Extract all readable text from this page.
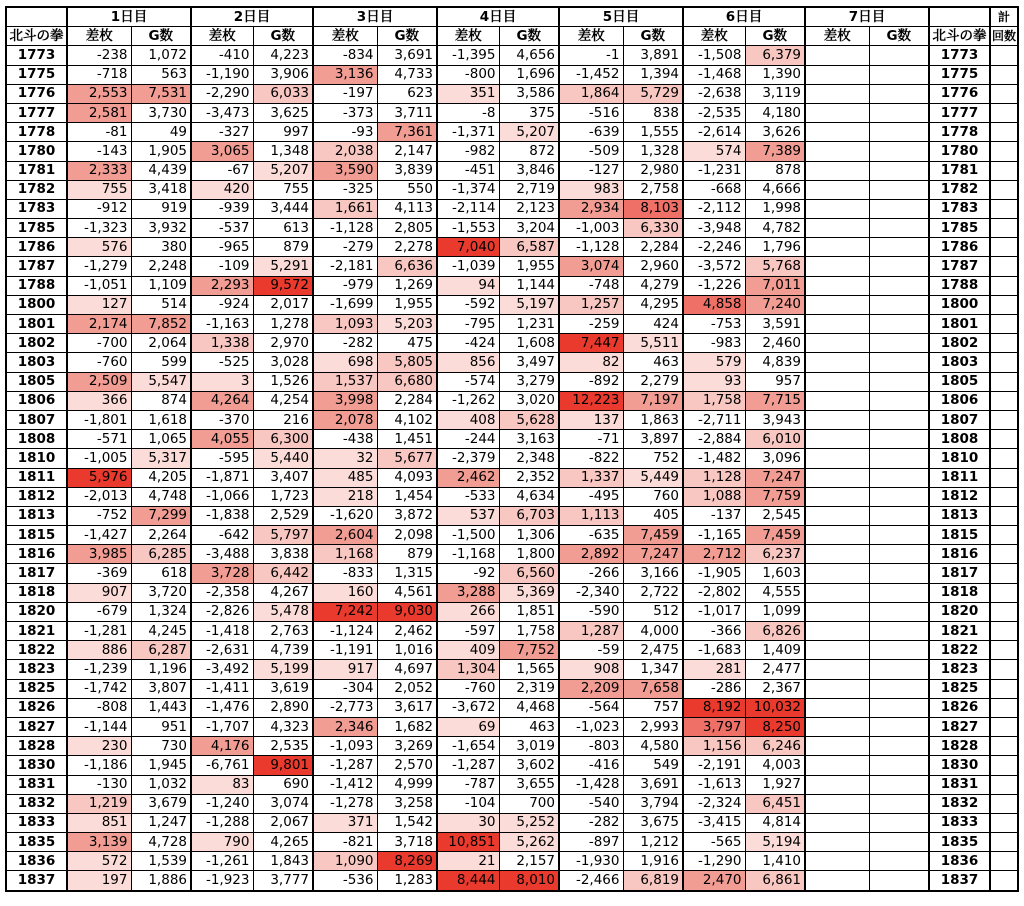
	1日目		2日目		3日目		4日目		5日目		6日目		7日目			計
北斗の拳	差枚	G数	差枚	G数	差枚	G数	差枚	G数	差枚	G数	差枚	G数	差枚	G数	北斗の拳	回数
1773	-238	1,072	-410	4,223	-834	3,691	-1,395	4,656	-1	3,891	-1,508	6,379			1773	
1775	-718	563	-1,190	3,906	3,136	4,733	-800	1,696	-1,452	1,394	-1,468	1,390			1775	
1776	2,553	7,531	-2,290	6,033	-197	623	351	3,586	1,864	5,729	-2,638	3,119			1776	
1777	2,581	3,730	-3,473	3,625	-373	3,711	-8	375	-516	838	-2,535	4,180			1777	
1778	-81	49	-327	997	-93	7,361	-1,371	5,207	-639	1,555	-2,614	3,626			1778	
1780	-143	1,905	3,065	1,348	2,038	2,147	-982	872	-509	1,328	574	7,389			1780	
1781	2,333	4,439	-67	5,207	3,590	3,839	-451	3,846	-127	2,980	-1,231	878			1781	
1782	755	3,418	420	755	-325	550	-1,374	2,719	983	2,758	-668	4,666			1782	
1783	-912	919	-939	3,444	1,661	4,113	-2,114	2,123	2,934	8,103	-2,112	1,998			1783	
1785	-1,323	3,932	-537	613	-1,128	2,805	-1,553	3,204	-1,003	6,330	-3,948	4,782			1785	
1786	576	380	-965	879	-279	2,278	7,040	6,587	-1,128	2,284	-2,246	1,796			1786	
1787	-1,279	2,248	-109	5,291	-2,181	6,636	-1,039	1,955	3,074	2,960	-3,572	5,768			1787	
1788	-1,051	1,109	2,293	9,572	-979	1,269	94	1,144	-748	4,279	-1,226	7,011			1788	
1800	127	514	-924	2,017	-1,699	1,955	-592	5,197	1,257	4,295	4,858	7,240			1800	
1801	2,174	7,852	-1,163	1,278	1,093	5,203	-795	1,231	-259	424	-753	3,591			1801	
1802	-700	2,064	1,338	2,970	-282	475	-424	1,608	7,447	5,511	-983	2,460			1802	
1803	-760	599	-525	3,028	698	5,805	856	3,497	82	463	579	4,839			1803	
1805	2,509	5,547	3	1,526	1,537	6,680	-574	3,279	-892	2,279	93	957			1805	
1806	366	874	4,264	4,254	3,998	2,284	-1,262	3,020	12,223	7,197	1,758	7,715			1806	
1807	-1,801	1,618	-370	216	2,078	4,102	408	5,628	137	1,863	-2,711	3,943			1807	
1808	-571	1,065	4,055	6,300	-438	1,451	-244	3,163	-71	3,897	-2,884	6,010			1808	
1810	-1,005	5,317	-595	5,440	32	5,677	-2,379	2,348	-822	752	-1,482	3,096			1810	
1811	5,976	4,205	-1,871	3,407	485	4,093	2,462	2,352	1,337	5,449	1,128	7,247			1811	
1812	-2,013	4,748	-1,066	1,723	218	1,454	-533	4,634	-495	760	1,088	7,759			1812	
1813	-752	7,299	-1,838	2,529	-1,620	3,872	537	6,703	1,113	405	-137	2,545			1813	
1815	-1,427	2,264	-642	5,797	2,604	2,098	-1,500	1,306	-635	7,459	-1,165	7,459			1815	
1816	3,985	6,285	-3,488	3,838	1,168	879	-1,168	1,800	2,892	7,247	2,712	6,237			1816	
1817	-369	618	3,728	6,442	-833	1,315	-92	6,560	-266	3,166	-1,905	1,603			1817	
1818	907	3,720	-2,358	4,267	160	4,561	3,288	5,369	-2,340	2,722	-2,802	4,555			1818	
1820	-679	1,324	-2,826	5,478	7,242	9,030	266	1,851	-590	512	-1,017	1,099			1820	
1821	-1,281	4,245	-1,418	2,763	-1,124	2,462	-597	1,758	1,287	4,000	-366	6,826			1821	
1822	886	6,287	-2,631	4,739	-1,191	1,016	409	7,752	-59	2,475	-1,683	1,409			1822	
1823	-1,239	1,196	-3,492	5,199	917	4,697	1,304	1,565	908	1,347	281	2,477			1823	
1825	-1,742	3,807	-1,411	3,619	-304	2,052	-760	2,319	2,209	7,658	-286	2,367			1825	
1826	-808	1,443	-1,476	2,890	-2,773	3,617	-3,672	4,468	-564	757	8,192	10,032			1826	
1827	-1,144	951	-1,707	4,323	2,346	1,682	69	463	-1,023	2,993	3,797	8,250			1827	
1828	230	730	4,176	2,535	-1,093	3,269	-1,654	3,019	-803	4,580	1,156	6,246			1828	
1830	-1,186	1,945	-6,761	9,801	-1,287	2,570	-1,287	3,602	-416	549	-2,191	4,003			1830	
1831	-130	1,032	83	690	-1,412	4,999	-787	3,655	-1,428	3,691	-1,613	1,927			1831	
1832	1,219	3,679	-1,240	3,074	-1,278	3,258	-104	700	-540	3,794	-2,324	6,451			1832	
1833	851	1,247	-1,288	2,067	371	1,542	30	5,252	-282	3,675	-3,415	4,814			1833	
1835	3,139	4,728	790	4,265	-821	3,718	10,851	5,262	-897	1,212	-565	5,194			1835	
1836	572	1,539	-1,261	1,843	1,090	8,269	21	2,157	-1,930	1,916	-1,290	1,410			1836	
1837	197	1,886	-1,923	3,777	-536	1,283	8,444	8,010	-2,466	6,819	2,470	6,861			1837	
